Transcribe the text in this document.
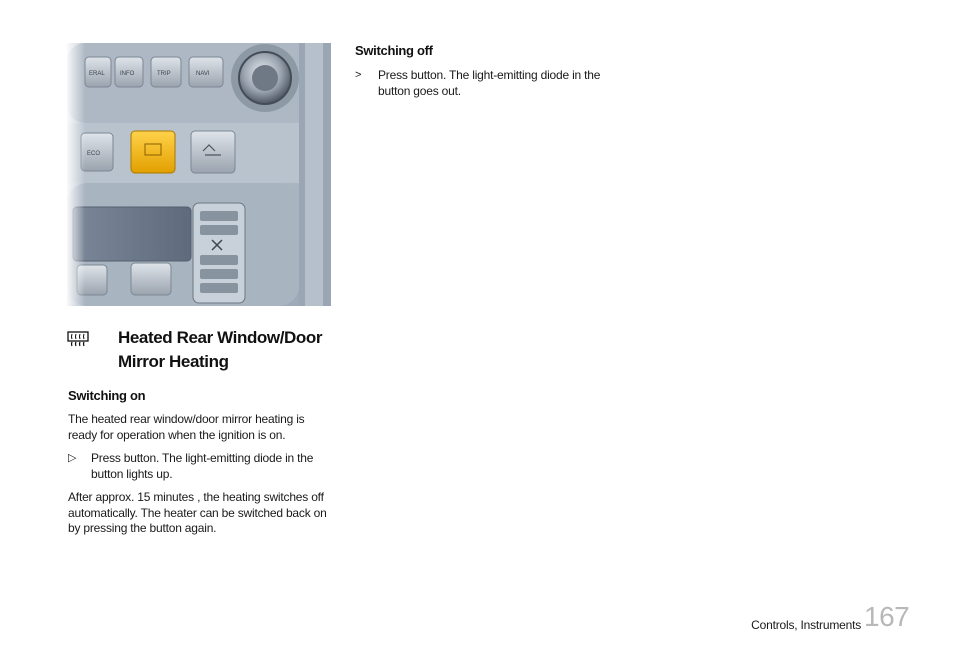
ERAL	INFO	TRIP	NAVI
ECO
Heated Rear Window/Door Mirror Heating
Switching on
The heated rear window/door mirror heating is ready for operation when the ignition is on.
▷ Press button. The light-emitting diode in the button lights up.
After approx. 15 minutes , the heating switches off automatically. The heater can be switched back on by pressing the button again.
Switching off
> Press button. The light-emitting diode in the button goes out.
Controls, Instruments 167
